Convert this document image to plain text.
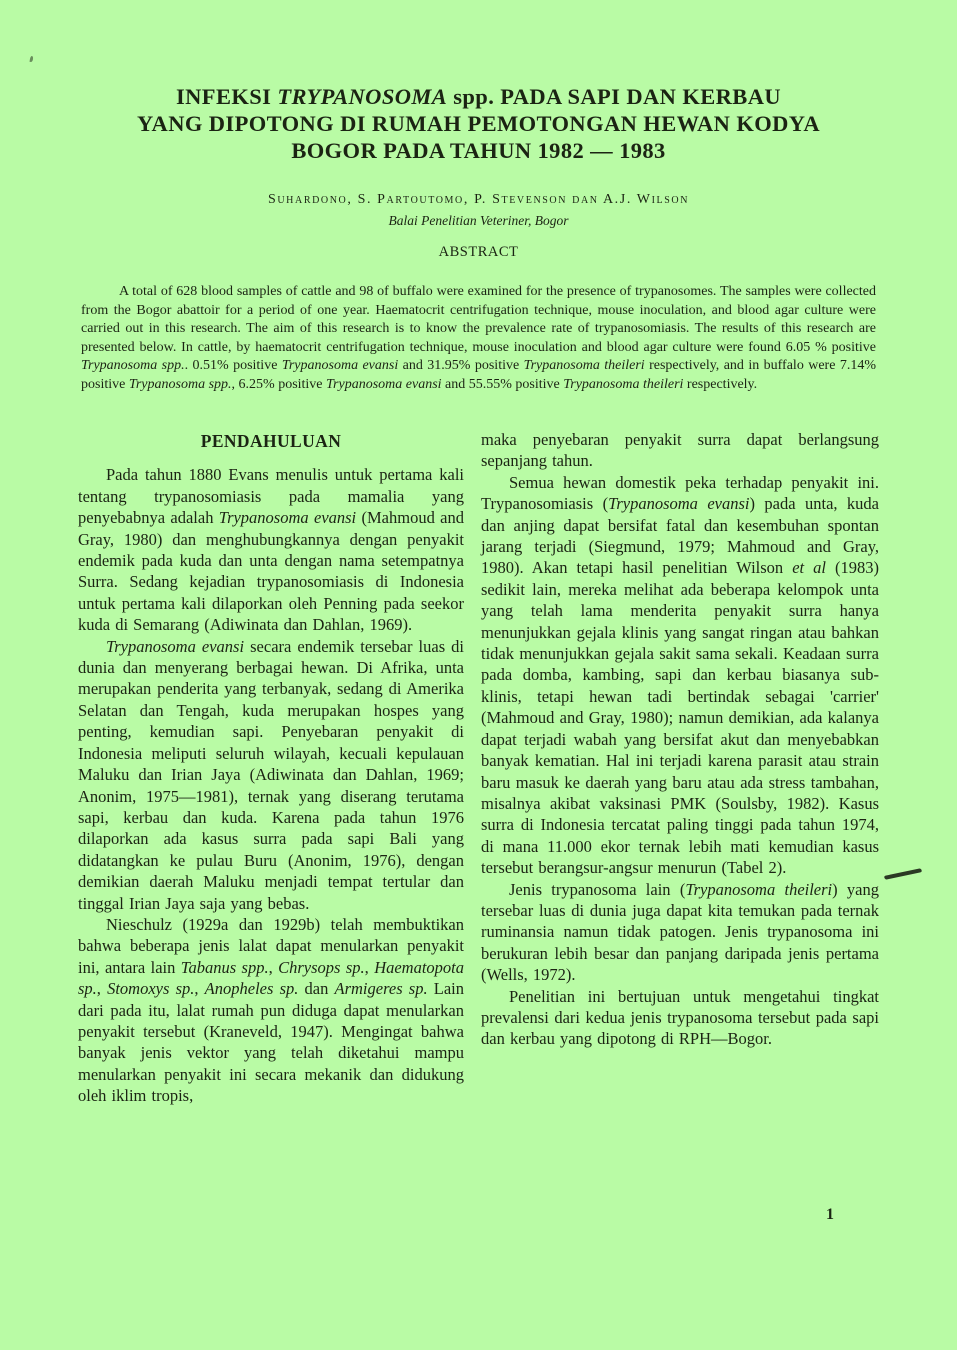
INFEKSI TRYPANOSOMA spp. PADA SAPI DAN KERBAU
YANG DIPOTONG DI RUMAH PEMOTONGAN HEWAN KODYA
BOGOR PADA TAHUN 1982 — 1983
Suhardono, S. Partoutomo, P. Stevenson dan A.J. Wilson
Balai Penelitian Veteriner, Bogor
ABSTRACT

A total of 628 blood samples of cattle and 98 of buffalo were examined for the presence of trypanosomes. The samples were collected from the Bogor abattoir for a period of one year. Haematocrit centrifugation technique, mouse inoculation, and blood agar culture were carried out in this research. The aim of this research is to know the prevalence rate of trypanosomiasis. The results of this research are presented below. In cattle, by haematocrit centrifugation technique, mouse inoculation and blood agar culture were found 6.05 % positive Trypanosoma spp.. 0.51% positive Trypanosoma evansi and 31.95% positive Trypanosoma theileri respectively, and in buffalo were 7.14% positive Trypanosoma spp., 6.25% positive Trypanosoma evansi and 55.55% positive Trypanosoma theileri respectively.

PENDAHULUAN

Pada tahun 1880 Evans menulis untuk pertama kali tentang trypanosomiasis pada mamalia yang penyebabnya adalah Trypanosoma evansi (Mahmoud and Gray, 1980) dan menghubungkannya dengan penyakit endemik pada kuda dan unta dengan nama setempatnya Surra. Sedang kejadian trypanosomiasis di Indonesia untuk pertama kali dilaporkan oleh Penning pada seekor kuda di Semarang (Adiwinata dan Dahlan, 1969).

Trypanosoma evansi secara endemik tersebar luas di dunia dan menyerang berbagai hewan. Di Afrika, unta merupakan penderita yang terbanyak, sedang di Amerika Selatan dan Tengah, kuda merupakan hospes yang penting, kemudian sapi. Penyebaran penyakit di Indonesia meliputi seluruh wilayah, kecuali kepulauan Maluku dan Irian Jaya (Adiwinata dan Dahlan, 1969; Anonim, 1975—1981), ternak yang diserang terutama sapi, kerbau dan kuda. Karena pada tahun 1976 dilaporkan ada kasus surra pada sapi Bali yang didatangkan ke pulau Buru (Anonim, 1976), dengan demikian daerah Maluku menjadi tempat tertular dan tinggal Irian Jaya saja yang bebas.

Nieschulz (1929a dan 1929b) telah membuktikan bahwa beberapa jenis lalat dapat menularkan penyakit ini, antara lain Tabanus spp., Chrysops sp., Haematopota sp., Stomoxys sp., Anopheles sp. dan Armigeres sp. Lain dari pada itu, lalat rumah pun diduga dapat menularkan penyakit tersebut (Kraneveld, 1947). Mengingat bahwa banyak jenis vektor yang telah diketahui mampu menularkan penyakit ini secara mekanik dan didukung oleh iklim tropis,

maka penyebaran penyakit surra dapat berlangsung sepanjang tahun.

Semua hewan domestik peka terhadap penyakit ini. Trypanosomiasis (Trypanosoma evansi) pada unta, kuda dan anjing dapat bersifat fatal dan kesembuhan spontan jarang terjadi (Siegmund, 1979; Mahmoud and Gray, 1980). Akan tetapi hasil penelitian Wilson et al (1983) sedikit lain, mereka melihat ada beberapa kelompok unta yang telah lama menderita penyakit surra hanya menunjukkan gejala klinis yang sangat ringan atau bahkan tidak menunjukkan gejala sakit sama sekali. Keadaan surra pada domba, kambing, sapi dan kerbau biasanya sub-klinis, tetapi hewan tadi bertindak sebagai 'carrier' (Mahmoud and Gray, 1980); namun demikian, ada kalanya dapat terjadi wabah yang bersifat akut dan menyebabkan banyak kematian. Hal ini terjadi karena parasit atau strain baru masuk ke daerah yang baru atau ada stress tambahan, misalnya akibat vaksinasi PMK (Soulsby, 1982). Kasus surra di Indonesia tercatat paling tinggi pada tahun 1974, di mana 11.000 ekor ternak lebih mati kemudian kasus tersebut berangsur-angsur menurun (Tabel 2).

Jenis trypanosoma lain (Trypanosoma theileri) yang tersebar luas di dunia juga dapat kita temukan pada ternak ruminansia namun tidak patogen. Jenis trypanosoma ini berukuran lebih besar dan panjang daripada jenis pertama (Wells, 1972).

Penelitian ini bertujuan untuk mengetahui tingkat prevalensi dari kedua jenis trypanosoma tersebut pada sapi dan kerbau yang dipotong di RPH—Bogor.

1
